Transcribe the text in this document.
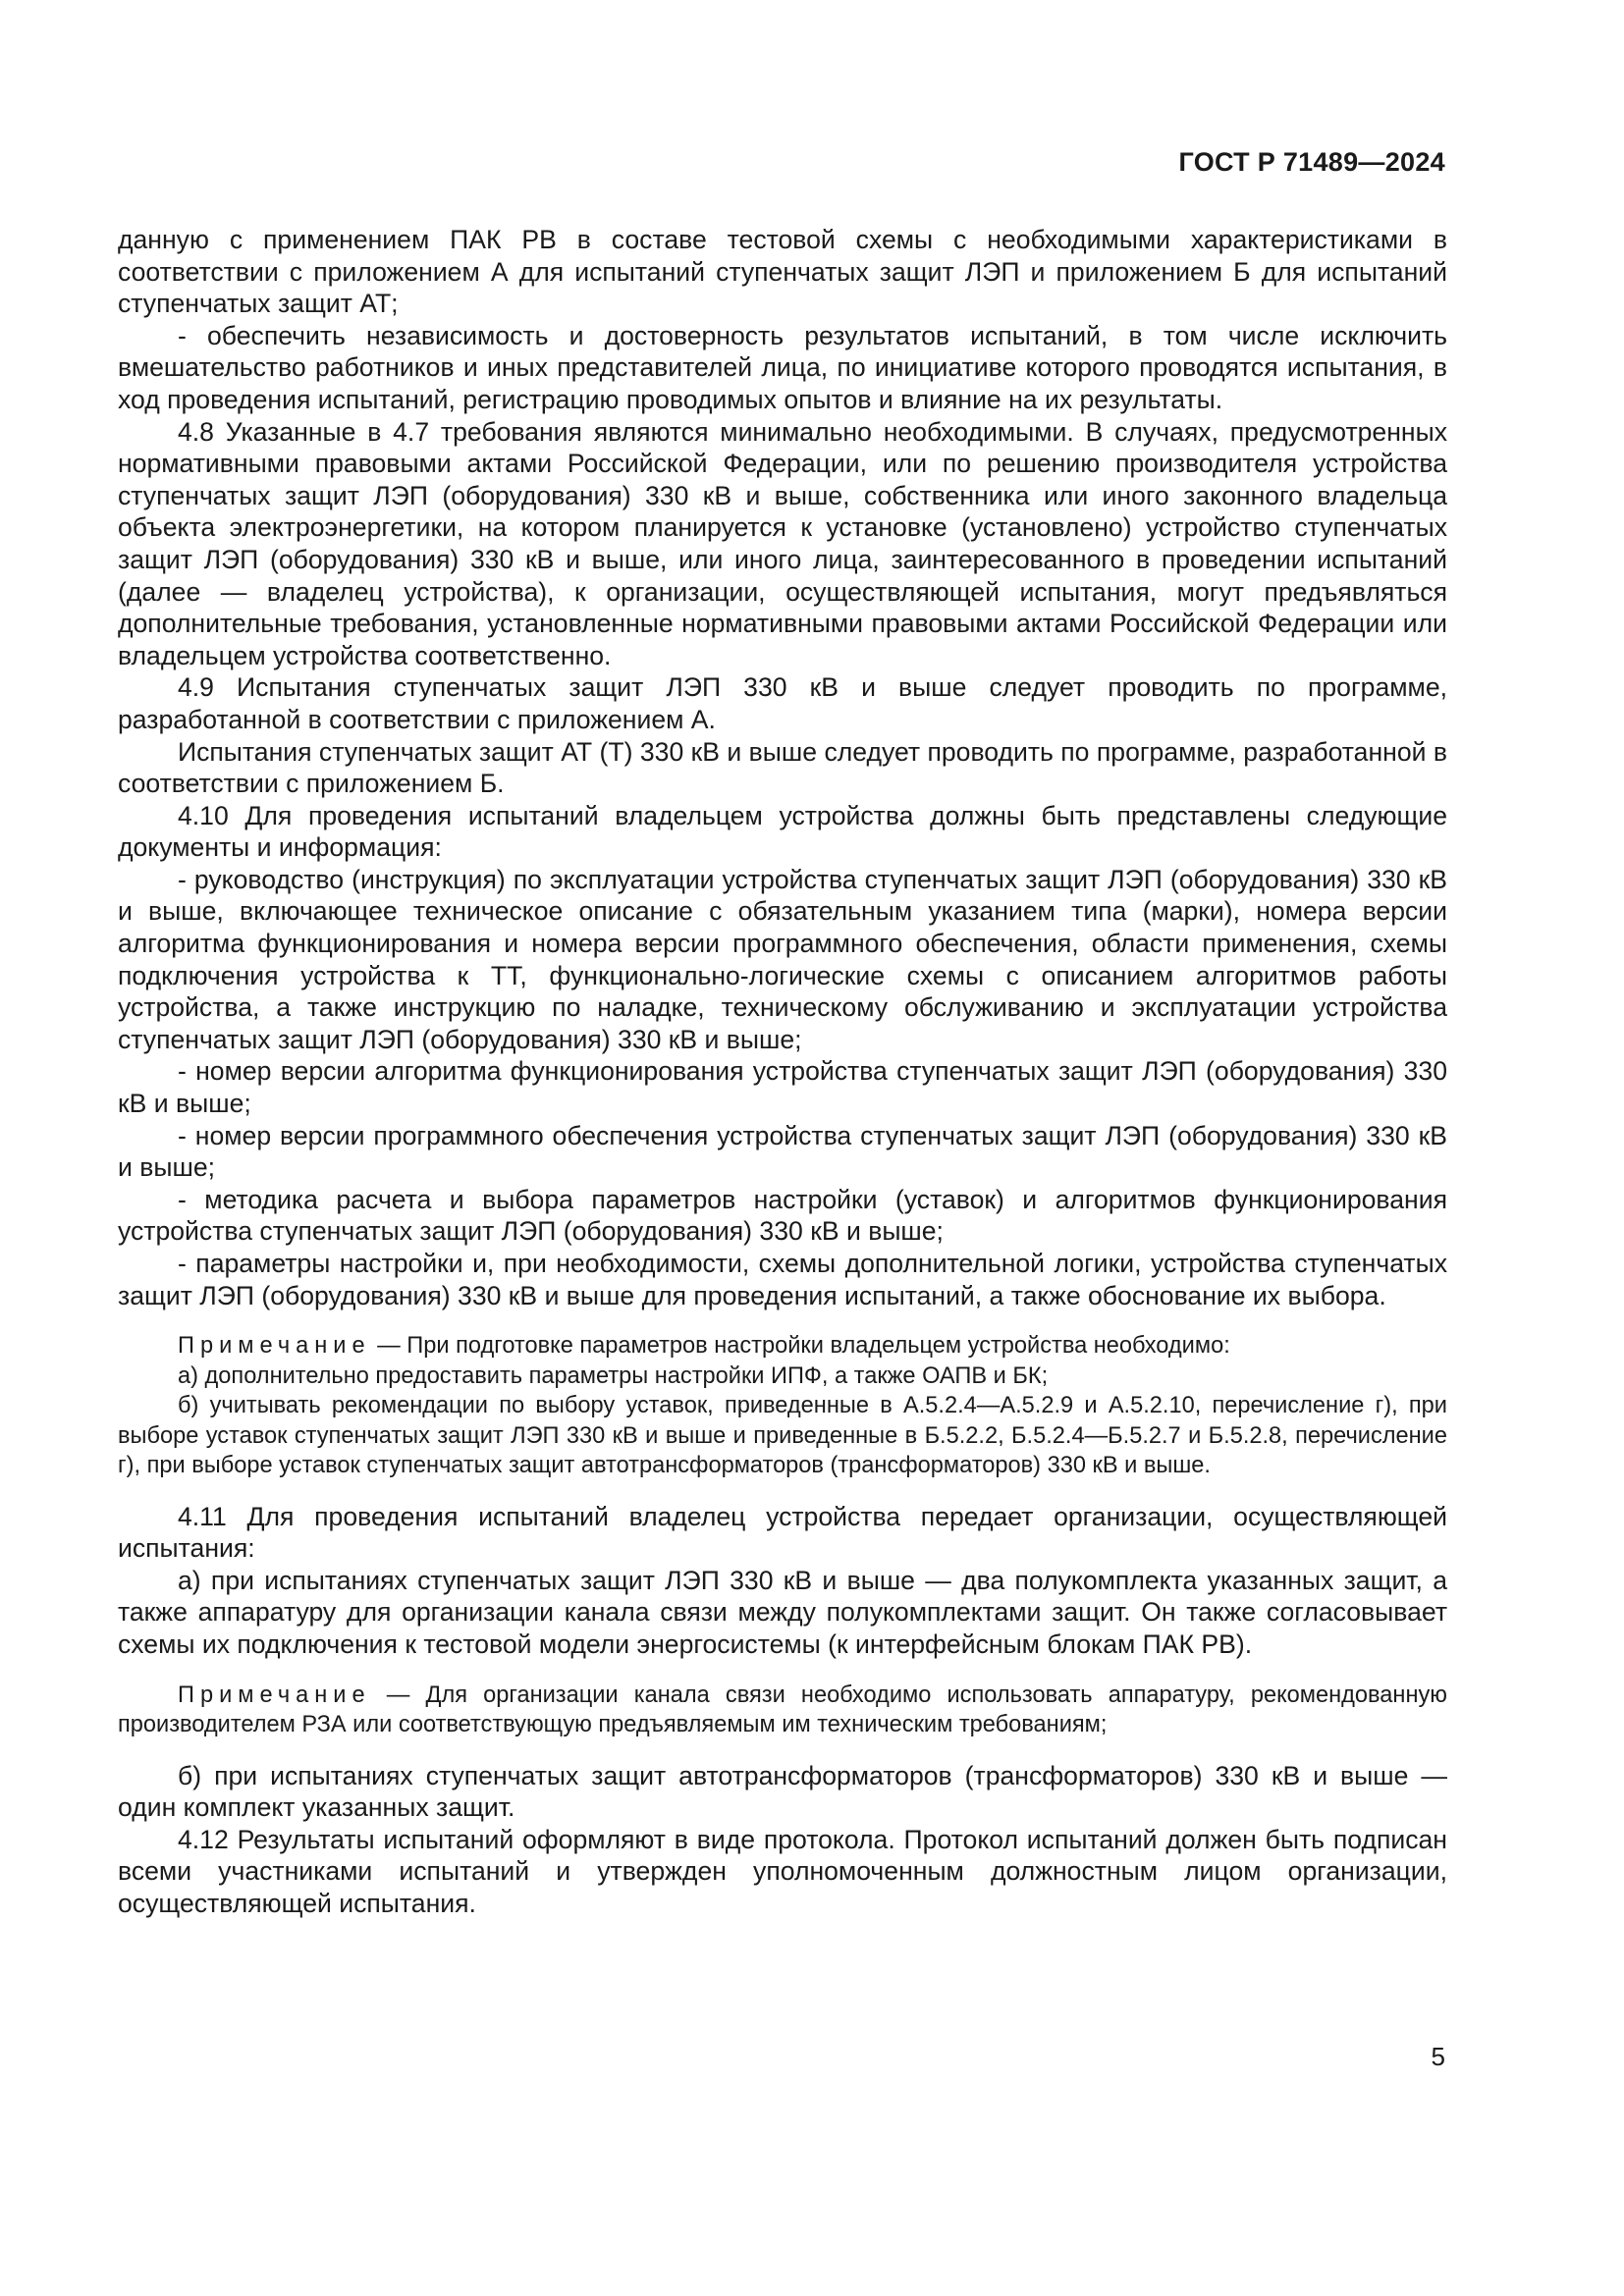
ГОСТ Р 71489—2024

данную с применением ПАК РВ в составе тестовой схемы с необходимыми характеристиками в соответствии с приложением А для испытаний ступенчатых защит ЛЭП и приложением Б для испытаний ступенчатых защит АТ;

- обеспечить независимость и достоверность результатов испытаний, в том числе исключить вмешательство работников и иных представителей лица, по инициативе которого проводятся испытания, в ход проведения испытаний, регистрацию проводимых опытов и влияние на их результаты.

4.8 Указанные в 4.7 требования являются минимально необходимыми. В случаях, предусмотренных нормативными правовыми актами Российской Федерации, или по решению производителя устройства ступенчатых защит ЛЭП (оборудования) 330 кВ и выше, собственника или иного законного владельца объекта электроэнергетики, на котором планируется к установке (установлено) устройство ступенчатых защит ЛЭП (оборудования) 330 кВ и выше, или иного лица, заинтересованного в проведении испытаний (далее — владелец устройства), к организации, осуществляющей испытания, могут предъявляться дополнительные требования, установленные нормативными правовыми актами Российской Федерации или владельцем устройства соответственно.

4.9 Испытания ступенчатых защит ЛЭП 330 кВ и выше следует проводить по программе, разработанной в соответствии с приложением А.

Испытания ступенчатых защит АТ (Т) 330 кВ и выше следует проводить по программе, разработанной в соответствии с приложением Б.

4.10 Для проведения испытаний владельцем устройства должны быть представлены следующие документы и информация:

- руководство (инструкция) по эксплуатации устройства ступенчатых защит ЛЭП (оборудования) 330 кВ и выше, включающее техническое описание с обязательным указанием типа (марки), номера версии алгоритма функционирования и номера версии программного обеспечения, области применения, схемы подключения устройства к ТТ, функционально-логические схемы с описанием алгоритмов работы устройства, а также инструкцию по наладке, техническому обслуживанию и эксплуатации устройства ступенчатых защит ЛЭП (оборудования) 330 кВ и выше;

- номер версии алгоритма функционирования устройства ступенчатых защит ЛЭП (оборудования) 330 кВ и выше;

- номер версии программного обеспечения устройства ступенчатых защит ЛЭП (оборудования) 330 кВ и выше;

- методика расчета и выбора параметров настройки (уставок) и алгоритмов функционирования устройства ступенчатых защит ЛЭП (оборудования) 330 кВ и выше;

- параметры настройки и, при необходимости, схемы дополнительной логики, устройства ступенчатых защит ЛЭП (оборудования) 330 кВ и выше для проведения испытаний, а также обоснование их выбора.

Примечание — При подготовке параметров настройки владельцем устройства необходимо:

а) дополнительно предоставить параметры настройки ИПФ, а также ОАПВ и БК;

б) учитывать рекомендации по выбору уставок, приведенные в А.5.2.4—А.5.2.9 и А.5.2.10, перечисление г), при выборе уставок ступенчатых защит ЛЭП 330 кВ и выше и приведенные в Б.5.2.2, Б.5.2.4—Б.5.2.7 и Б.5.2.8, перечисление г), при выборе уставок ступенчатых защит автотрансформаторов (трансформаторов) 330 кВ и выше.

4.11 Для проведения испытаний владелец устройства передает организации, осуществляющей испытания:

а) при испытаниях ступенчатых защит ЛЭП 330 кВ и выше — два полукомплекта указанных защит, а также аппаратуру для организации канала связи между полукомплектами защит. Он также согласовывает схемы их подключения к тестовой модели энергосистемы (к интерфейсным блокам ПАК РВ).

Примечание — Для организации канала связи необходимо использовать аппаратуру, рекомендованную производителем РЗА или соответствующую предъявляемым им техническим требованиям;

б) при испытаниях ступенчатых защит автотрансформаторов (трансформаторов) 330 кВ и выше — один комплект указанных защит.

4.12 Результаты испытаний оформляют в виде протокола. Протокол испытаний должен быть подписан всеми участниками испытаний и утвержден уполномоченным должностным лицом организации, осуществляющей испытания.

5
